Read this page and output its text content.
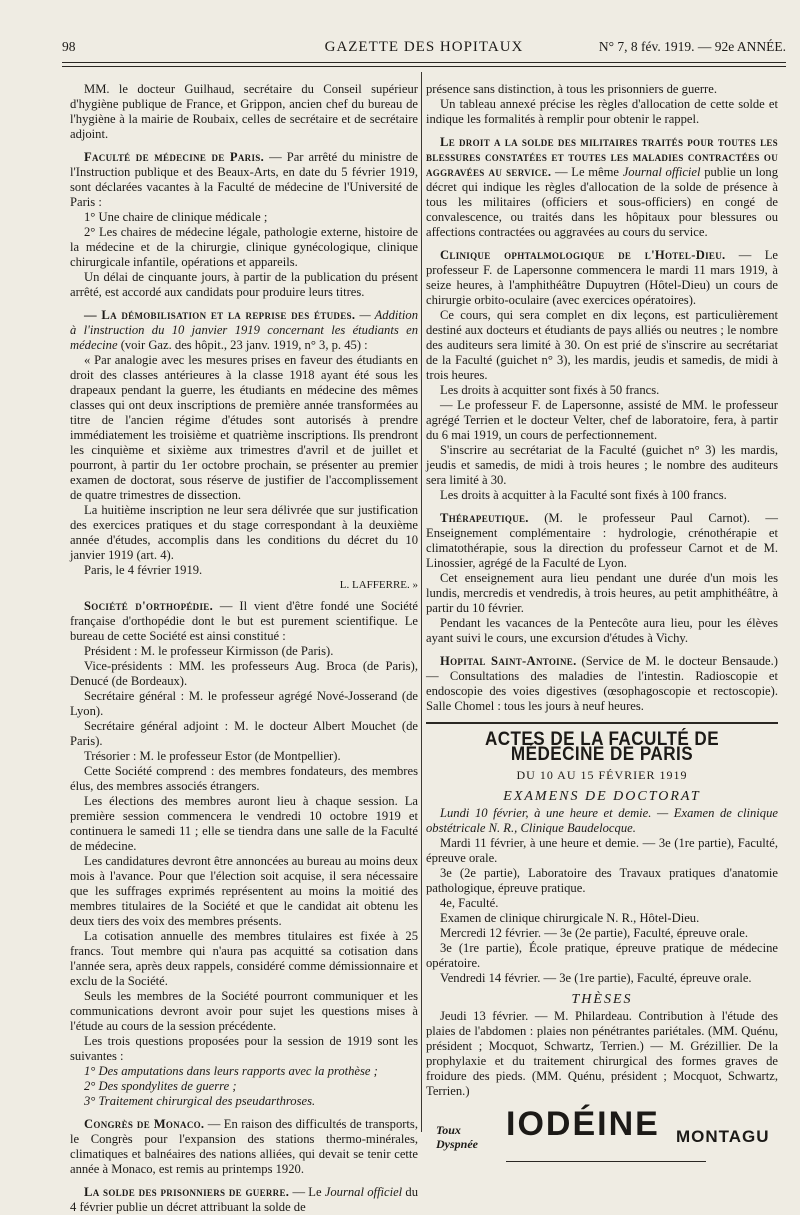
98	GAZETTE DES HOPITAUX	N° 7, 8 fév. 1919. — 92e ANNÉE.

MM. le docteur Guilhaud, secrétaire du Conseil supérieur d'hygiène publique de France, et Grippon, ancien chef du bureau de l'hygiène à la mairie de Roubaix, celles de secrétaire et de secrétaire adjoint.

Faculté de médecine de Paris. — Par arrêté du ministre de l'Instruction publique et des Beaux-Arts, en date du 5 février 1919, sont déclarées vacantes à la Faculté de médecine de l'Université de Paris :

1° Une chaire de clinique médicale ;

2° Les chaires de médecine légale, pathologie externe, histoire de la médecine et de la chirurgie, clinique gynécologique, clinique chirurgicale infantile, opérations et appareils.

Un délai de cinquante jours, à partir de la publication du présent arrêté, est accordé aux candidats pour produire leurs titres.

— La démobilisation et la reprise des études. — Addition à l'instruction du 10 janvier 1919 concernant les étudiants en médecine (voir Gaz. des hôpit., 23 janv. 1919, n° 3, p. 45) :

« Par analogie avec les mesures prises en faveur des étudiants en droit des classes antérieures à la classe 1918 ayant été sous les drapeaux pendant la guerre, les étudiants en médecine des mêmes classes qui ont deux inscriptions de première année transformées au titre de l'ancien régime d'études sont autorisés à prendre immédiatement les troisième et quatrième inscriptions. Ils prendront les cinquième et sixième aux trimestres d'avril et de juillet et pourront, à partir du 1er octobre prochain, se présenter au premier examen de doctorat, sous réserve de justifier de l'accomplissement de quatre trimestres de dissection.

La huitième inscription ne leur sera délivrée que sur justification des exercices pratiques et du stage correspondant à la deuxième année d'études, accomplis dans les conditions du décret du 10 janvier 1919 (art. 4).

Paris, le 4 février 1919.

L. LAFFERRE. »

Société d'orthopédie. — Il vient d'être fondé une Société française d'orthopédie dont le but est purement scientifique. Le bureau de cette Société est ainsi constitué :

Président : M. le professeur Kirmisson (de Paris).

Vice-présidents : MM. les professeurs Aug. Broca (de Paris), Denucé (de Bordeaux).

Secrétaire général : M. le professeur agrégé Nové-Josserand (de Lyon).

Secrétaire général adjoint : M. le docteur Albert Mouchet (de Paris).

Trésorier : M. le professeur Estor (de Montpellier).

Cette Société comprend : des membres fondateurs, des membres élus, des membres associés étrangers.

Les élections des membres auront lieu à chaque session. La première session commencera le vendredi 10 octobre 1919 et continuera le samedi 11 ; elle se tiendra dans une salle de la Faculté de médecine.

Les candidatures devront être annoncées au bureau au moins deux mois à l'avance. Pour que l'élection soit acquise, il sera nécessaire que les suffrages exprimés représentent au moins la moitié des membres titulaires de la Société et que le candidat ait obtenu les deux tiers des voix des membres présents.

La cotisation annuelle des membres titulaires est fixée à 25 francs. Tout membre qui n'aura pas acquitté sa cotisation dans l'année sera, après deux rappels, considéré comme démissionnaire et exclu de la Société.

Seuls les membres de la Société pourront communiquer et les communications devront avoir pour sujet les questions mises à l'étude au cours de la session précédente.

Les trois questions proposées pour la session de 1919 sont les suivantes :

1° Des amputations dans leurs rapports avec la prothèse ;

2° Des spondylites de guerre ;

3° Traitement chirurgical des pseudarthroses.

Congrès de Monaco. — En raison des difficultés de transports, le Congrès pour l'expansion des stations thermo-minérales, climatiques et balnéaires des nations alliées, qui devait se tenir cette année à Monaco, est remis au printemps 1920.

La solde des prisonniers de guerre. — Le Journal officiel du 4 février publie un décret attribuant la solde de

présence sans distinction, à tous les prisonniers de guerre.

Un tableau annexé précise les règles d'allocation de cette solde et indique les formalités à remplir pour obtenir le rappel.

Le droit a la solde des militaires traités pour toutes les blessures constatées et toutes les maladies contractées ou aggravées au service. — Le même Journal officiel publie un long décret qui indique les règles d'allocation de la solde de présence à tous les militaires (officiers et sous-officiers) en congé de convalescence, ou traités dans les hôpitaux pour blessures ou affections contractées ou aggravées au cours du service.

Clinique ophtalmologique de l'Hotel-Dieu. — Le professeur F. de Lapersonne commencera le mardi 11 mars 1919, à seize heures, à l'amphithéâtre Dupuytren (Hôtel-Dieu) un cours de chirurgie orbito-oculaire (avec exercices opératoires).

Ce cours, qui sera complet en dix leçons, est particulièrement destiné aux docteurs et étudiants de pays alliés ou neutres ; le nombre des auditeurs sera limité à 30. On est prié de s'inscrire au secrétariat de la Faculté (guichet n° 3), les mardis, jeudis et samedis, de midi à trois heures.

Les droits à acquitter sont fixés à 50 francs.

— Le professeur F. de Lapersonne, assisté de MM. le professeur agrégé Terrien et le docteur Velter, chef de laboratoire, fera, à partir du 6 mai 1919, un cours de perfectionnement.

S'inscrire au secrétariat de la Faculté (guichet n° 3) les mardis, jeudis et samedis, de midi à trois heures ; le nombre des auditeurs sera limité à 30.

Les droits à acquitter à la Faculté sont fixés à 100 francs.

Thérapeutique. (M. le professeur Paul Carnot). — Enseignement complémentaire : hydrologie, crénothérapie et climatothérapie, sous la direction du professeur Carnot et de M. Linossier, agrégé de la Faculté de Lyon.

Cet enseignement aura lieu pendant une durée d'un mois les lundis, mercredis et vendredis, à trois heures, au petit amphithéâtre, à partir du 10 février.

Pendant les vacances de la Pentecôte aura lieu, pour les élèves ayant suivi le cours, une excursion d'études à Vichy.

Hopital Saint-Antoine. (Service de M. le docteur Bensaude.) — Consultations des maladies de l'intestin. Radioscopie et endoscopie des voies digestives (œsophagoscopie et rectoscopie). Salle Chomel : tous les jours à neuf heures.

ACTES DE LA FACULTÉ DE MÉDECINE DE PARIS
DU 10 AU 15 FÉVRIER 1919
EXAMENS DE DOCTORAT

Lundi 10 février, à une heure et demie. — Examen de clinique obstétricale N. R., Clinique Baudelocque.

Mardi 11 février, à une heure et demie. — 3e (1re partie), Faculté, épreuve orale.

3e (2e partie), Laboratoire des Travaux pratiques d'anatomie pathologique, épreuve pratique.

4e, Faculté.

Examen de clinique chirurgicale N. R., Hôtel-Dieu.

Mercredi 12 février. — 3e (2e partie), Faculté, épreuve orale.

3e (1re partie), École pratique, épreuve pratique de médecine opératoire.

Vendredi 14 février. — 3e (1re partie), Faculté, épreuve orale.

THÈSES

Jeudi 13 février. — M. Philardeau. Contribution à l'étude des plaies de l'abdomen : plaies non pénétrantes pariétales. (MM. Quénu, président ; Mocquot, Schwartz, Terrien.) — M. Grézillier. De la prophylaxie et du traitement chirurgical des formes graves de froidure des pieds. (MM. Quénu, président ; Mocquot, Schwartz, Terrien.)

Toux
Dyspnée
IODÉINE MONTAGU
